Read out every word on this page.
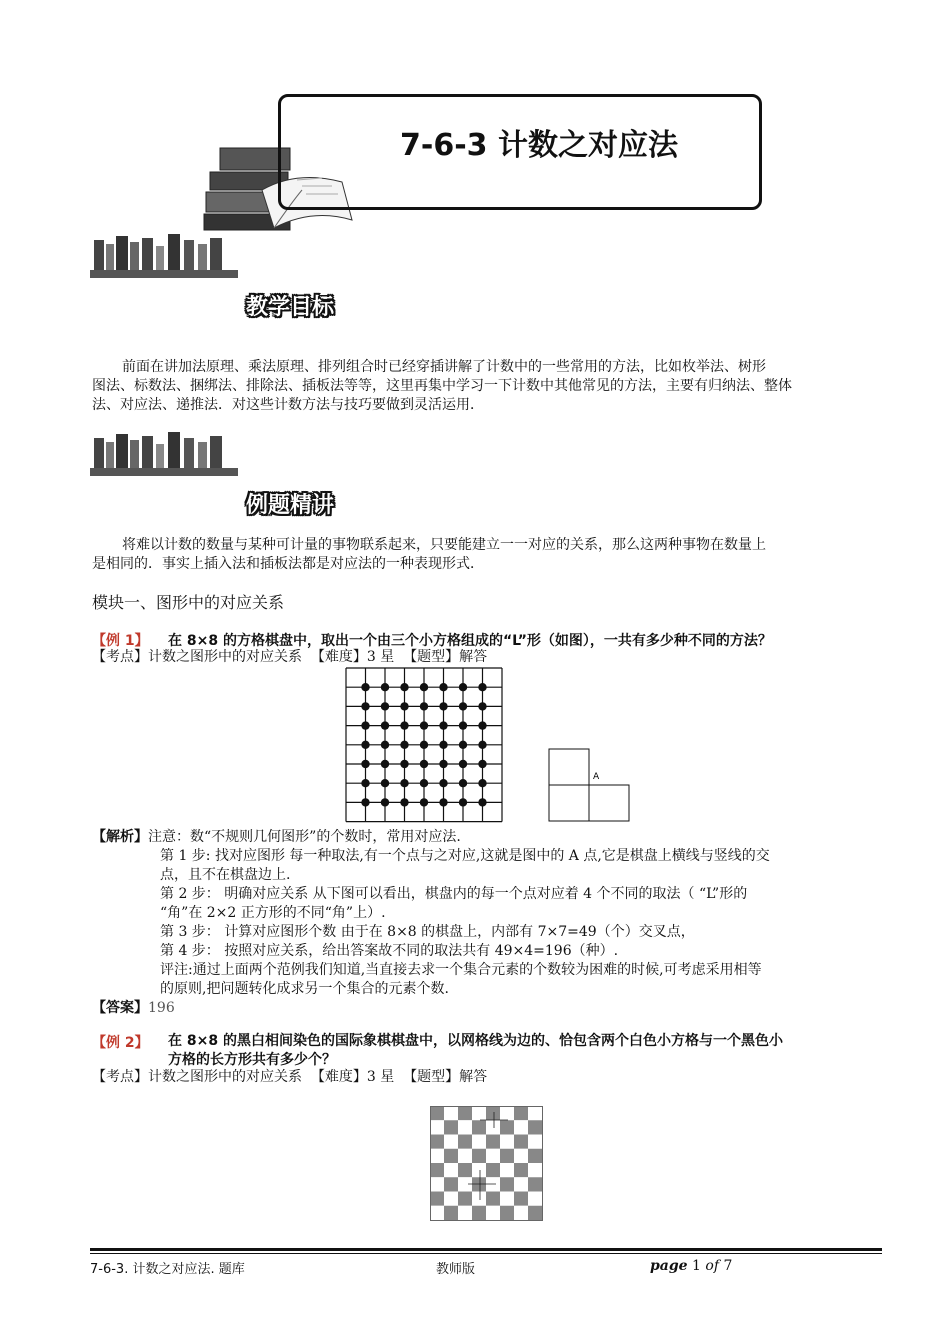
7-6-3 计数之对应法
教学目标
前面在讲加法原理、乘法原理、排列组合时已经穿插讲解了计数中的一些常用的方法，比如枚举法、树形
图法、标数法、捆绑法、排除法、插板法等等，这里再集中学习一下计数中其他常见的方法，主要有归纳法、整体
法、对应法、递推法．对这些计数方法与技巧要做到灵活运用．
例题精讲
将难以计数的数量与某种可计量的事物联系起来，只要能建立一一对应的关系，那么这两种事物在数量上
是相同的．事实上插入法和插板法都是对应法的一种表现形式．
模块一、图形中的对应关系
【例 1】 在 8×8 的方格棋盘中，取出一个由三个小方格组成的“L”形（如图），一共有多少种不同的方法？
【考点】计数之图形中的对应关系  【难度】3 星  【题型】解答
A
【解析】注意：数“不规则几何图形”的个数时，常用对应法.
第 1 步: 找对应图形 每一种取法,有一个点与之对应,这就是图中的 A 点,它是棋盘上横线与竖线的交
点，且不在棋盘边上.
第 2 步： 明确对应关系 从下图可以看出，棋盘内的每一个点对应着 4 个不同的取法（ “L”形的
“角”在 2×2 正方形的不同“角”上）.
第 3 步： 计算对应图形个数 由于在 8×8 的棋盘上，内部有 7×7=49（个）交叉点，
第 4 步： 按照对应关系，给出答案故不同的取法共有 49×4=196（种）.
评注:通过上面两个范例我们知道,当直接去求一个集合元素的个数较为困难的时候,可考虑采用相等
的原则,把问题转化成求另一个集合的元素个数.
【答案】196
【例 2】 在 8×8 的黑白相间染色的国际象棋棋盘中，以网格线为边的、恰包含两个白色小方格与一个黑色小
方格的长方形共有多少个？
【考点】计数之图形中的对应关系  【难度】3 星  【题型】解答
7-6-3. 计数之对应法. 题库	教师版	page 1 of 7
